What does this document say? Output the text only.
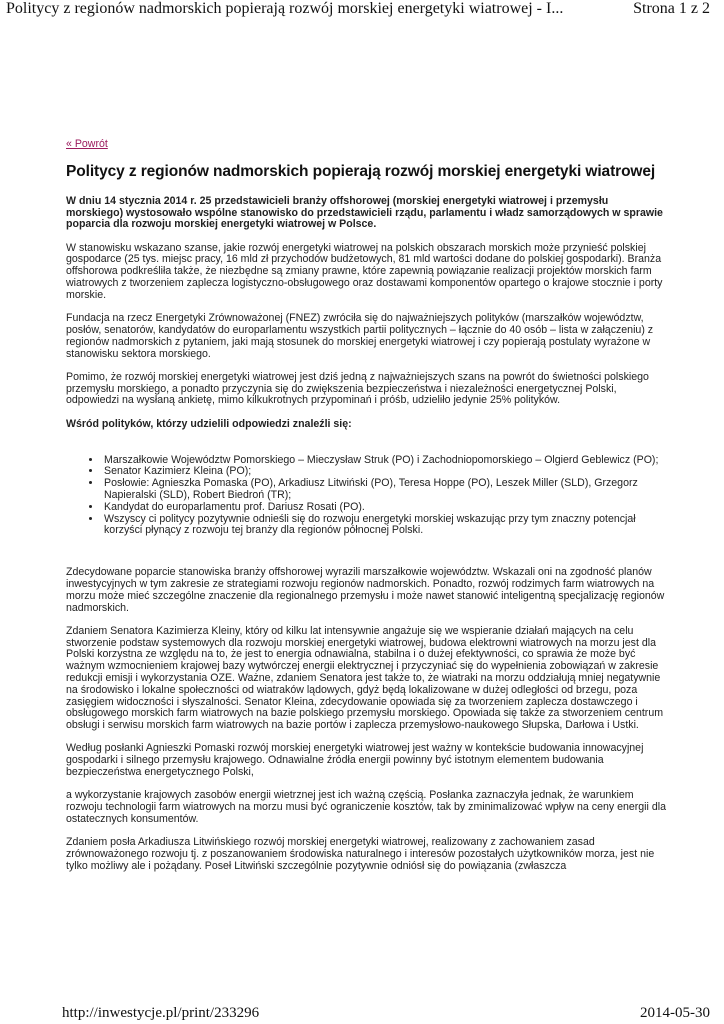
Politycy z regionów nadmorskich popierają rozwój morskiej energetyki wiatrowej - I...	Strona 1 z 2
« Powrót
Politycy z regionów nadmorskich popierają rozwój morskiej energetyki wiatrowej

W dniu 14 stycznia 2014 r. 25 przedstawicieli branży offshorowej (morskiej energetyki wiatrowej i przemysłu morskiego) wystosowało wspólne stanowisko do przedstawicieli rządu, parlamentu i władz samorządowych w sprawie poparcia dla rozwoju morskiej energetyki wiatrowej w Polsce.

W stanowisku wskazano szanse, jakie rozwój energetyki wiatrowej na polskich obszarach morskich może przynieść polskiej gospodarce (25 tys. miejsc pracy, 16 mld zł przychodów budżetowych, 81 mld wartości dodane do polskiej gospodarki). Branża offshorowa podkreśliła także, że niezbędne są zmiany prawne, które zapewnią powiązanie realizacji projektów morskich farm wiatrowych z tworzeniem zaplecza logistyczno-obsługowego oraz dostawami komponentów opartego o krajowe stocznie i porty morskie.

Fundacja na rzecz Energetyki Zrównoważonej (FNEZ) zwróciła się do najważniejszych polityków (marszałków województw, posłów, senatorów, kandydatów do europarlamentu wszystkich partii politycznych – łącznie do 40 osób – lista w załączeniu) z regionów nadmorskich z pytaniem, jaki mają stosunek do morskiej energetyki wiatrowej i czy popierają postulaty wyrażone w stanowisku sektora morskiego.

Pomimo, że rozwój morskiej energetyki wiatrowej jest dziś jedną z najważniejszych szans na powrót do świetności polskiego przemysłu morskiego, a ponadto przyczynia się do zwiększenia bezpieczeństwa i niezależności energetycznej Polski, odpowiedzi na wysłaną ankietę, mimo kilkukrotnych przypominań i próśb, udzieliło jedynie 25% polityków.

Wśród polityków, którzy udzielili odpowiedzi znaleźli się:

• Marszałkowie Województw Pomorskiego – Mieczysław Struk (PO) i Zachodniopomorskiego – Olgierd Geblewicz (PO);
• Senator Kazimierz Kleina (PO);
• Posłowie: Agnieszka Pomaska (PO), Arkadiusz Litwiński (PO), Teresa Hoppe (PO), Leszek Miller (SLD), Grzegorz Napieralski (SLD), Robert Biedroń (TR);
• Kandydat do europarlamentu prof. Dariusz Rosati (PO).
• Wszyscy ci politycy pozytywnie odnieśli się do rozwoju energetyki morskiej wskazując przy tym znaczny potencjał korzyści płynący z rozwoju tej branży dla regionów północnej Polski.

Zdecydowane poparcie stanowiska branży offshorowej wyrazili marszałkowie województw. Wskazali oni na zgodność planów inwestycyjnych w tym zakresie ze strategiami rozwoju regionów nadmorskich. Ponadto, rozwój rodzimych farm wiatrowych na morzu może mieć szczególne znaczenie dla regionalnego przemysłu i może nawet stanowić inteligentną specjalizację regionów nadmorskich.

Zdaniem Senatora Kazimierza Kleiny, który od kilku lat intensywnie angażuje się we wspieranie działań mających na celu stworzenie podstaw systemowych dla rozwoju morskiej energetyki wiatrowej, budowa elektrowni wiatrowych na morzu jest dla Polski korzystna ze względu na to, że jest to energia odnawialna, stabilna i o dużej efektywności, co sprawia że może być ważnym wzmocnieniem krajowej bazy wytwórczej energii elektrycznej i przyczyniać się do wypełnienia zobowiązań w zakresie redukcji emisji i wykorzystania OZE. Ważne, zdaniem Senatora jest także to, że wiatraki na morzu oddziałują mniej negatywnie na środowisko i lokalne społeczności od wiatraków lądowych, gdyż będą lokalizowane w dużej odległości od brzegu, poza zasięgiem widoczności i słyszalności. Senator Kleina, zdecydowanie opowiada się za tworzeniem zaplecza dostawczego i obsługowego morskich farm wiatrowych na bazie polskiego przemysłu morskiego. Opowiada się także za stworzeniem centrum obsługi i serwisu morskich farm wiatrowych na bazie portów i zaplecza przemysłowo-naukowego Słupska, Darłowa i Ustki.

Według posłanki Agnieszki Pomaski rozwój morskiej energetyki wiatrowej jest ważny w kontekście budowania innowacyjnej gospodarki i silnego przemysłu krajowego. Odnawialne źródła energii powinny być istotnym elementem budowania bezpieczeństwa energetycznego Polski,

a wykorzystanie krajowych zasobów energii wietrznej jest ich ważną częścią. Posłanka zaznaczyła jednak, że warunkiem rozwoju technologii farm wiatrowych na morzu musi być ograniczenie kosztów, tak by zminimalizować wpływ na ceny energii dla ostatecznych konsumentów.

Zdaniem posła Arkadiusza Litwińskiego rozwój morskiej energetyki wiatrowej, realizowany z zachowaniem zasad zrównoważonego rozwoju tj. z poszanowaniem środowiska naturalnego i interesów pozostałych użytkowników morza, jest nie tylko możliwy ale i pożądany. Poseł Litwiński szczególnie pozytywnie odniósł się do powiązania (zwłaszcza

http://inwestycje.pl/print/233296	2014-05-30
